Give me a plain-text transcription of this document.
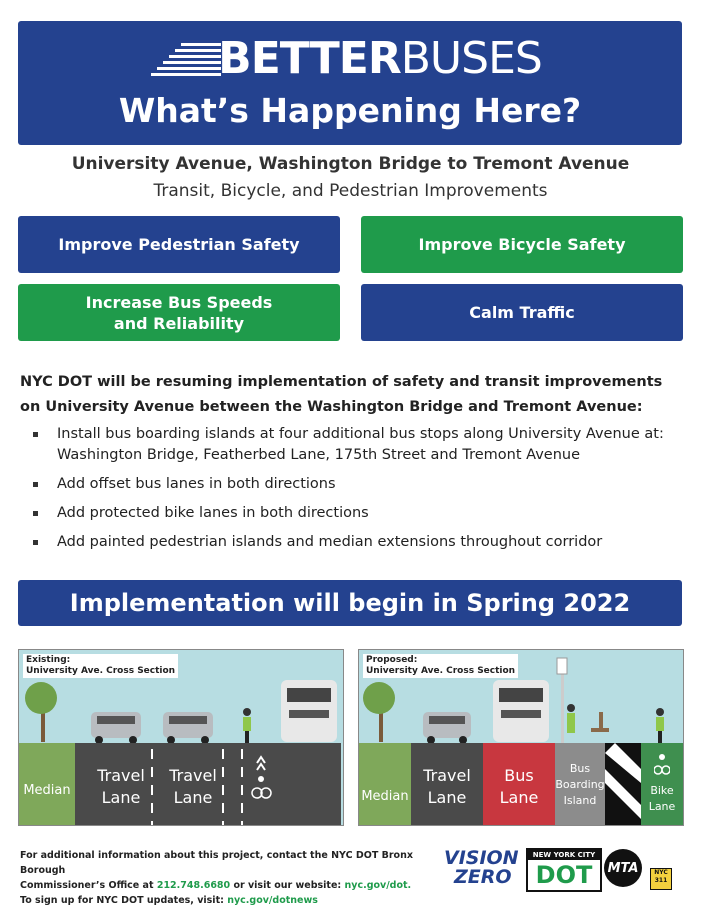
BETTERBUSES
What’s Happening Here?
University Avenue, Washington Bridge to Tremont Avenue
Transit, Bicycle, and Pedestrian Improvements
Improve Pedestrian Safety	Improve Bicycle Safety
Increase Bus Speeds and Reliability
Calm Traffic
NYC DOT will be resuming implementation of safety and transit improvements on University Avenue between the Washington Bridge and Tremont Avenue:
Install bus boarding islands at four additional bus stops along University Avenue at: Washington Bridge, Featherbed Lane, 175th Street and Tremont Avenue
Add offset bus lanes in both directions
Add protected bike lanes in both directions
Add painted pedestrian islands and median extensions throughout corridor
Implementation will begin in Spring 2022
Existing:
University Ave. Cross Section
Median
Travel Lane
Travel Lane
Proposed:
University Ave. Cross Section
Median
Travel Lane
Bus Lane
Bus Boarding Island
Bike Lane
For additional information about this project, contact the NYC DOT Bronx Borough
Commissioner’s Office at 212.748.6680 or visit our website: nyc.gov/dot.
To sign up for NYC DOT updates, visit: nyc.gov/dotnews
VISION
ZERO
NEW YORK CITY
DOT	MTA	NYC
311
